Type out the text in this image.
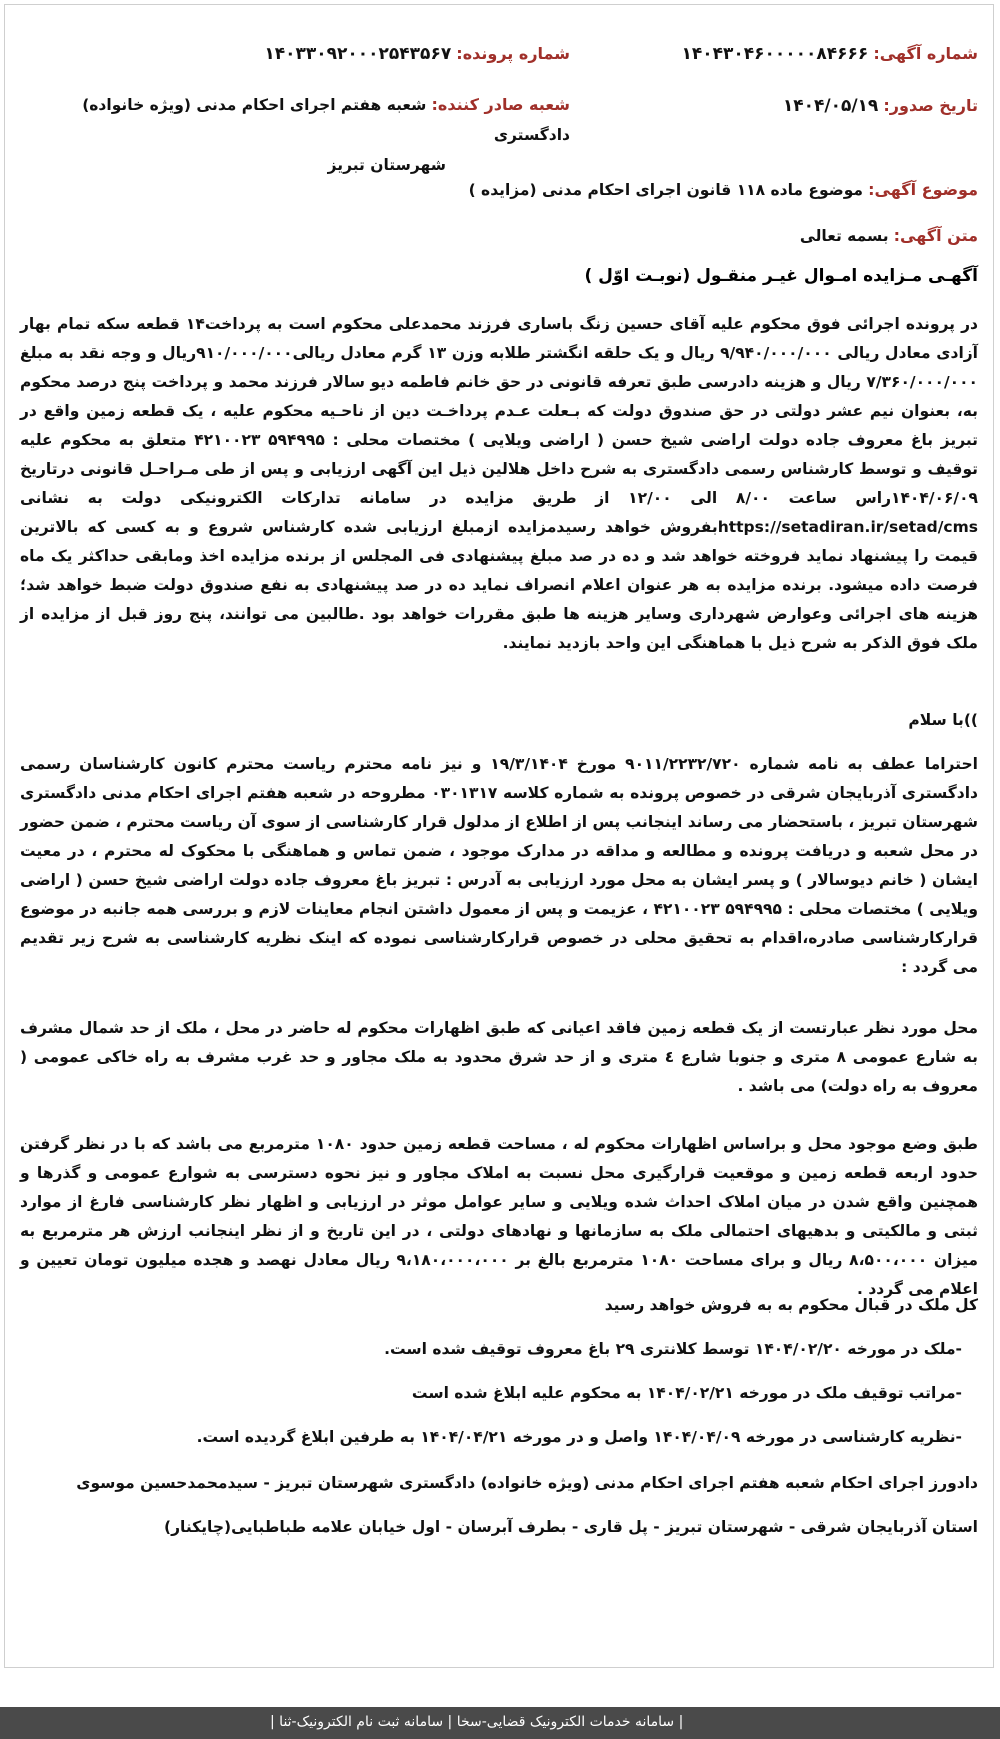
شماره آگهی: ۱۴۰۴۳۰۴۶۰۰۰۰۰۸۴۶۶۶
شماره پرونده: ۱۴۰۳۳۰۹۲۰۰۰۲۵۴۳۵۶۷
تاریخ صدور: ۱۴۰۴/۰۵/۱۹
شعبه صادر کننده: شعبه هفتم اجرای احکام مدنی (ویژه خانواده) دادگستری
شهرستان تبریز
موضوع آگهی: موضوع ماده ۱۱۸ قانون اجرای احکام مدنی (مزایده )
متن آگهی: بسمه تعالی
آگهـی مـزایده امـوال غیـر منقـول (نوبـت اوّل )
در پرونده اجرائی فوق محکوم علیه آقای حسین زنگ باساری فرزند محمدعلی محکوم است به پرداخت۱۴ قطعه سکه تمام بهار آزادی معادل ریالی ۹/۹۴۰/۰۰۰/۰۰۰ ریال و یک حلقه انگشتر طلابه وزن ۱۳ گرم معادل ریالی۹۱۰/۰۰۰/۰۰۰ریال و وجه نقد به مبلغ ۷/۳۶۰/۰۰۰/۰۰۰ ریال و هزینه دادرسی طبق تعرفه قانونی در حق خانم فاطمه دیو سالار فرزند محمد و پرداخت پنج درصد محکوم به، بعنوان نیم عشر دولتی در حق صندوق دولت که بـعلت عـدم پرداخـت دین از ناحـیه محکوم علیه ، یک قطعه زمین واقع در تبریز باغ معروف جاده دولت اراضی شیخ حسن ( اراضی ویلایی ) مختصات محلی : ۵۹۴۹۹۵ ۴۲۱۰۰۲۳ متعلق به محکوم علیه توقیف و توسط کارشناس رسمی دادگستری به شرح داخل هلالین ذیل این آگهی ارزیابی و پس از طی مـراحـل قانونی درتاریخ ۱۴۰۴/۰۶/۰۹راس ساعت ۸/۰۰ الی ۱۲/۰۰ از طریق مزایده در سامانه تدارکات الکترونیکی دولت به نشانی https://setadiran.ir/setad/cmsبفروش خواهد رسیدمزایده ازمبلغ ارزیابی شده کارشناس شروع و به کسی که بالاترین قیمت را پیشنهاد نماید فروخته خواهد شد و ده در صد مبلغ پیشنهادی فی المجلس از برنده مزایده اخذ ومابقی حداکثر یک ماه فرصت داده میشود. برنده مزایده به هر عنوان اعلام انصراف نماید ده در صد پیشنهادی به نفع صندوق دولت ضبط خواهد شد؛ هزینه های اجرائی وعوارض شهرداری وسایر هزینه ها طبق مقررات خواهد بود .طالبین می توانند، پنج روز قبل از مزایده از ملک فوق الذکر به شرح ذیل با هماهنگی این واحد بازدید نمایند.
))با سلام
احتراما عطف به نامه شماره ۹۰۱۱/۲۲۳۲/۷۲۰ مورخ ۱۹/۳/۱۴۰۴ و نیز نامه محترم ریاست محترم کانون کارشناسان رسمی دادگستری آذربایجان شرقی در خصوص پرونده به شماره کلاسه ۰۳۰۱۳۱۷ مطروحه در شعبه هفتم اجرای احکام مدنی دادگستری شهرستان تبریز ، باستحضار می رساند اینجانب پس از اطلاع از مدلول قرار کارشناسی از سوی آن ریاست محترم ، ضمن حضور در محل شعبه و دریافت پرونده و مطالعه و مداقه در مدارک موجود ، ضمن تماس و هماهنگی با محکوک له محترم ، در معیت ایشان ( خانم دیوسالار ) و پسر ایشان به محل مورد ارزیابی به آدرس : تبریز باغ معروف جاده دولت اراضی شیخ حسن ( اراضی ویلایی ) مختصات محلی : ۵۹۴۹۹۵ ۴۲۱۰۰۲۳ ، عزیمت و پس از معمول داشتن انجام معاینات لازم و بررسی همه جانبه در موضوع قرارکارشناسی صادره،اقدام به تحقیق محلی در خصوص قرارکارشناسی نموده که اینک نظریه کارشناسی به شرح زیر تقدیم می گردد :
محل مورد نظر عبارتست از یک قطعه زمین فاقد اعیانی که طبق اظهارات محکوم له حاضر در محل ، ملک از حد شمال مشرف به شارع عمومی ۸ متری و جنوبا شارع ٤ متری و از حد شرق محدود به ملک مجاور و حد غرب مشرف به راه خاکی عمومی ( معروف به راه دولت) می باشد .
طبق وضع موجود محل و براساس اظهارات محکوم له ، مساحت قطعه زمین حدود ۱۰۸۰ مترمربع می باشد که با در نظر گرفتن حدود اربعه قطعه زمین و موقعیت قرارگیری محل نسبت به املاک مجاور و نیز نحوه دسترسی به شوارع عمومی و گذرها و همچنین واقع شدن در میان املاک احداث شده ویلایی و سایر عوامل موثر در ارزیابی و اظهار نظر کارشناسی فارغ از موارد ثبتی و مالکیتی و بدهیهای احتمالی ملک به سازمانها و نهادهای دولتی ، در این تاریخ و از نظر اینجانب ارزش هر مترمربع به میزان ۸،۵۰۰،۰۰۰ ریال و برای مساحت ۱۰۸۰ مترمربع بالغ بر ۹،۱۸۰،۰۰۰،۰۰۰ ریال معادل نهصد و هجده میلیون تومان تعیین و اعلام می گردد .
کل ملک در قبال محکوم به به فروش خواهد رسید
-ملک در مورخه ۱۴۰۴/۰۲/۲۰ توسط کلانتری ۲۹ باغ معروف توقیف شده است.
-مراتب توقیف ملک در مورخه ۱۴۰۴/۰۲/۲۱ به محکوم علیه ابلاغ شده است
-نظریه کارشناسی در مورخه ۱۴۰۴/۰۴/۰۹ واصل و در مورخه ۱۴۰۴/۰۴/۲۱ به طرفین ابلاغ گردیده است.
دادورز اجرای احکام شعبه هفتم اجرای احکام مدنی (ویژه خانواده) دادگستری شهرستان تبریز - سیدمحمدحسین موسوی
استان آذربایجان شرقی - شهرستان تبریز - پل قاری - بطرف آبرسان - اول خیابان علامه طباطبایی(چایکنار)
| سامانه خدمات الکترونیک قضایی-سخا | سامانه ثبت نام الکترونیک-ثنا |
